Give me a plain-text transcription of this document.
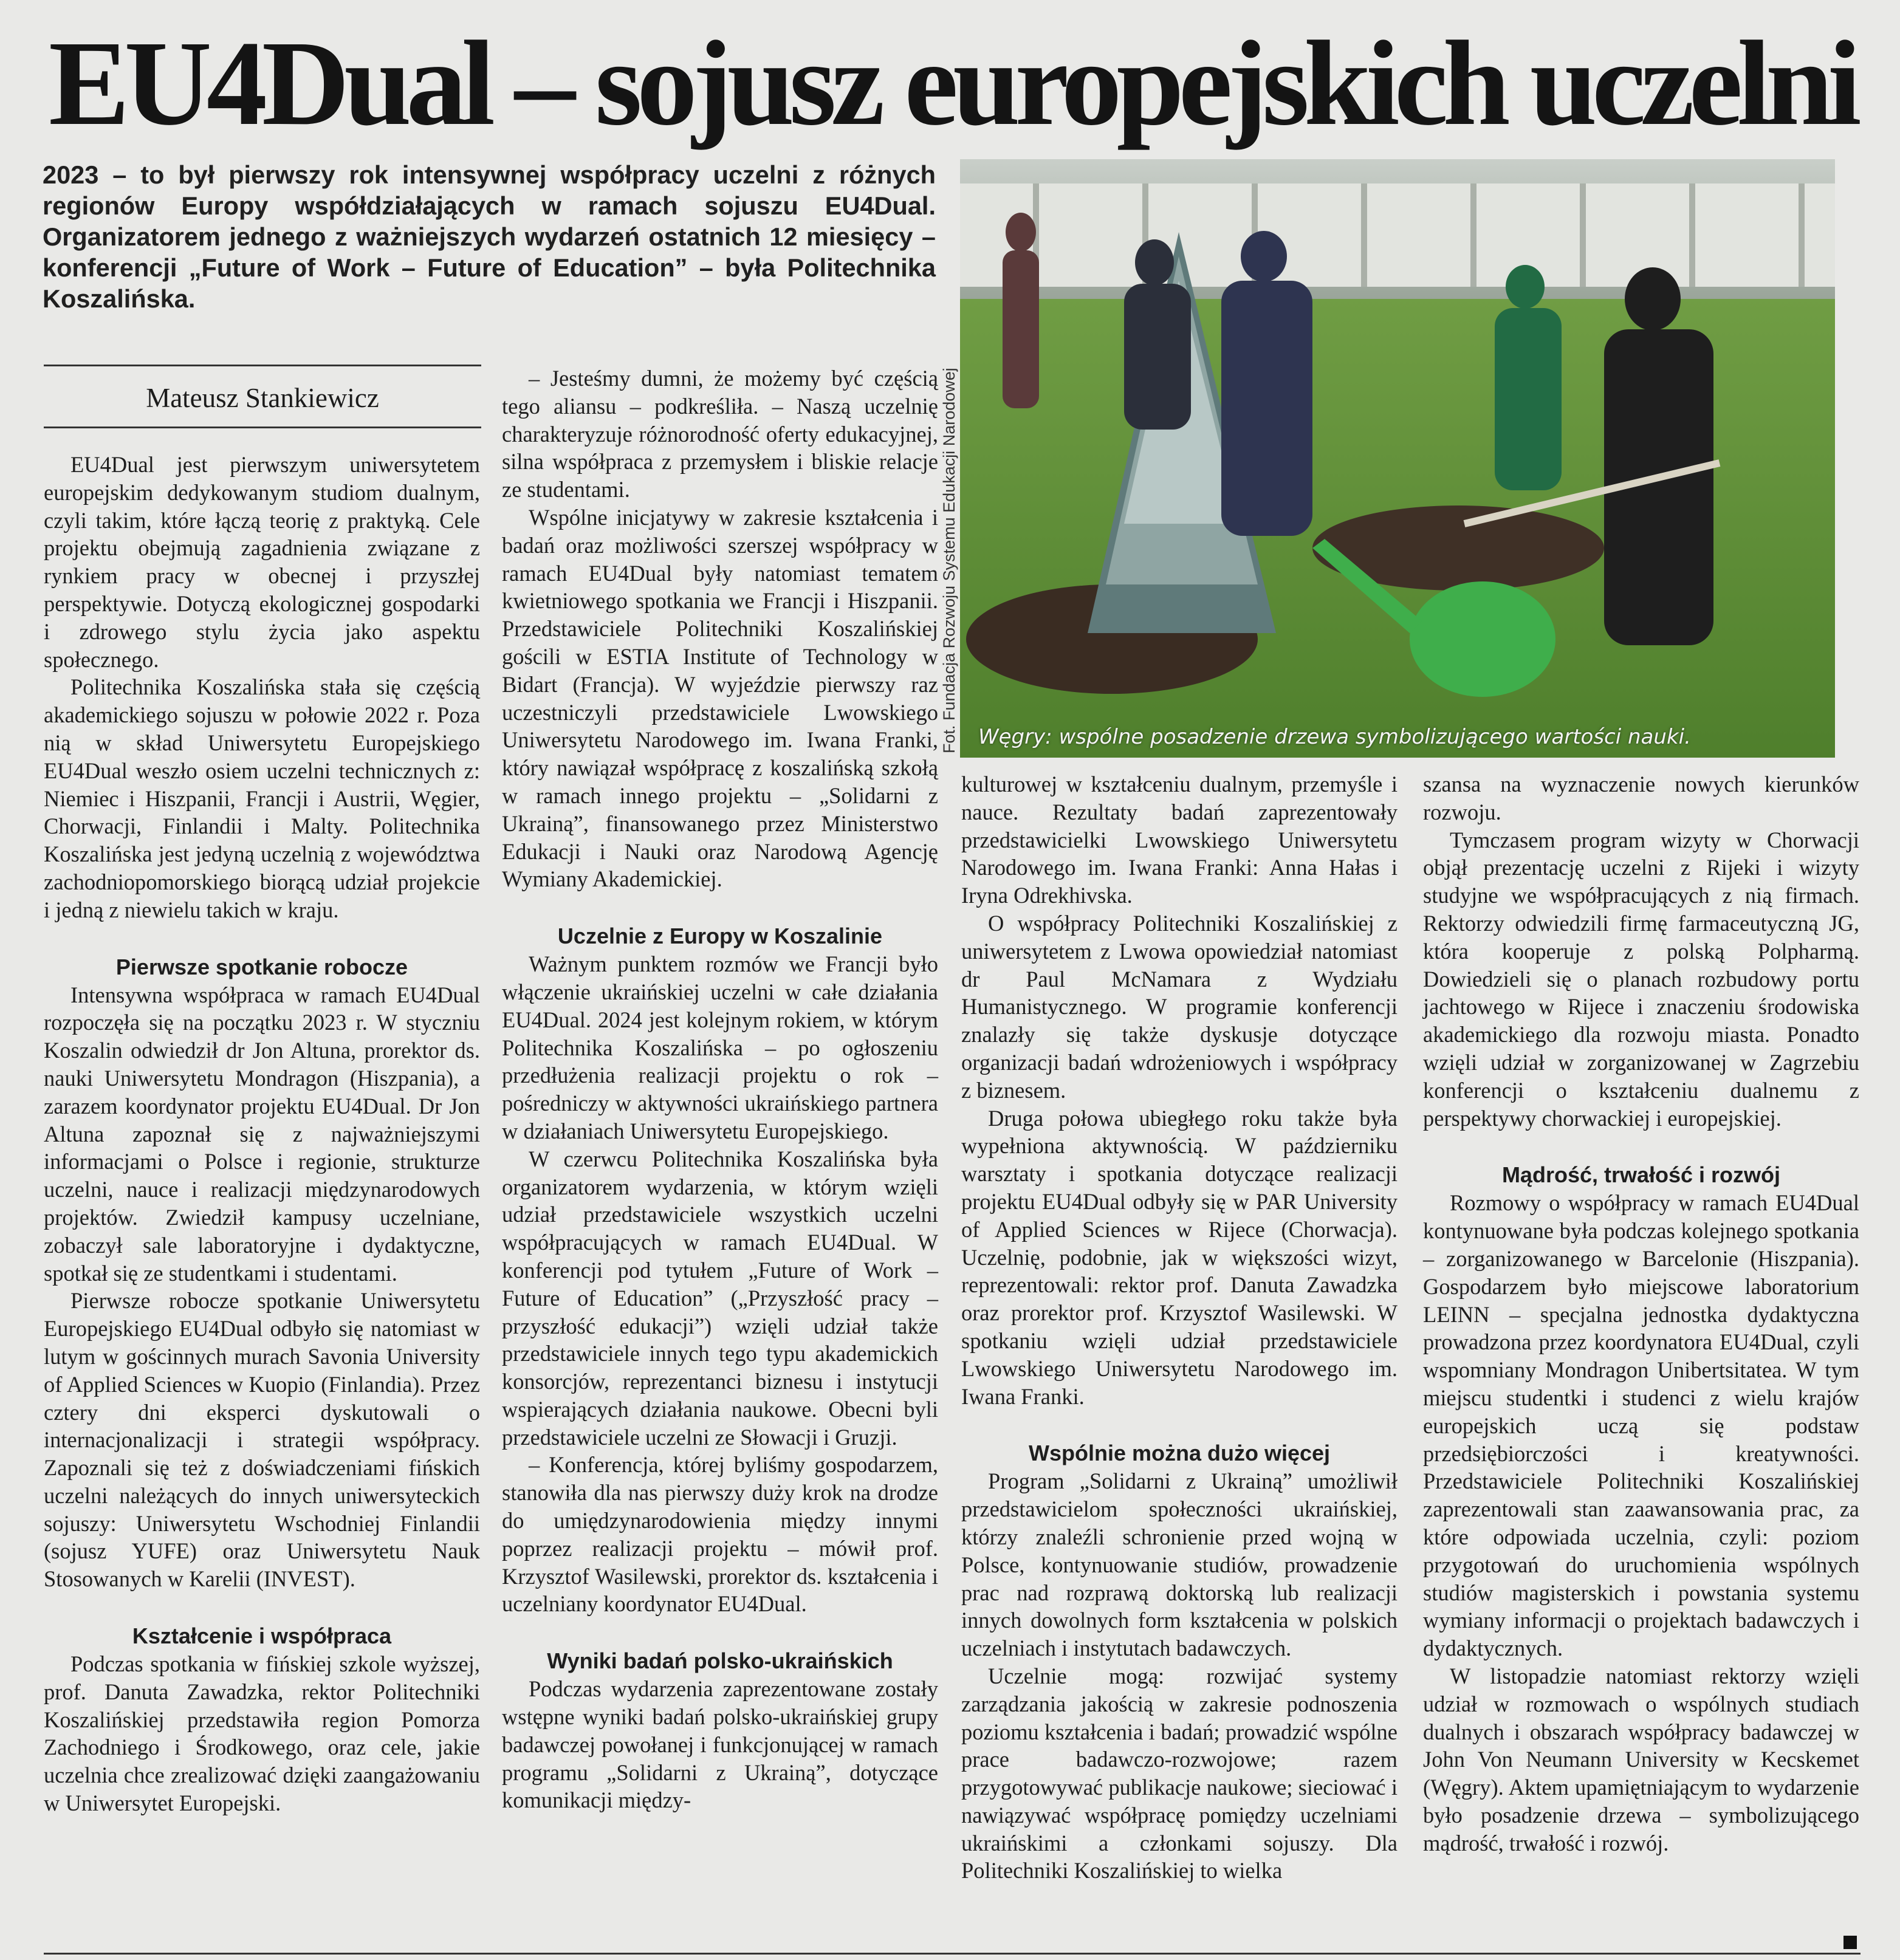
EU4Dual – sojusz europejskich uczelni
2023 – to był pierwszy rok intensywnej współpracy uczelni z różnych regionów Europy współdziałających w ramach sojuszu EU4Dual. Organizatorem jednego z ważniejszych wydarzeń ostatnich 12 miesięcy – konferencji „Future of Work – Future of Education” – była Politechnika Koszalińska.
Mateusz Stankiewicz

EU4Dual jest pierwszym uniwersytetem europejskim dedykowanym studiom dualnym, czyli takim, które łączą teorię z praktyką. Cele projektu obejmują zagadnienia związane z rynkiem pracy w obecnej i przyszłej perspektywie. Dotyczą ekologicznej gospodarki i zdrowego stylu życia jako aspektu społecznego.

Politechnika Koszalińska stała się częścią akademickiego sojuszu w połowie 2022 r. Poza nią w skład Uniwersytetu Europejskiego EU4Dual weszło osiem uczelni technicznych z: Niemiec i Hiszpanii, Francji i Austrii, Węgier, Chorwacji, Finlandii i Malty. Politechnika Koszalińska jest jedyną uczelnią z województwa zachodniopomorskiego biorącą udział projekcie i jedną z niewielu takich w kraju.

Pierwsze spotkanie robocze

Intensywna współpraca w ramach EU4Dual rozpoczęła się na początku 2023 r. W styczniu Koszalin odwiedził dr Jon Altuna, prorektor ds. nauki Uniwersytetu Mondragon (Hiszpania), a zarazem koordynator projektu EU4Dual. Dr Jon Altuna zapoznał się z najważniejszymi informacjami o Polsce i regionie, strukturze uczelni, nauce i realizacji międzynarodowych projektów. Zwiedził kampusy uczelniane, zobaczył sale laboratoryjne i dydaktyczne, spotkał się ze studentkami i studentami.

Pierwsze robocze spotkanie Uniwersytetu Europejskiego EU4Dual odbyło się natomiast w lutym w gościnnych murach Savonia University of Applied Sciences w Kuopio (Finlandia). Przez cztery dni eksperci dyskutowali o internacjonalizacji i strategii współpracy. Zapoznali się też z doświadczeniami fińskich uczelni należących do innych uniwersyteckich sojuszy: Uniwersytetu Wschodniej Finlandii (sojusz YUFE) oraz Uniwersytetu Nauk Stosowanych w Karelii (INVEST).

Kształcenie i współpraca

Podczas spotkania w fińskiej szkole wyższej, prof. Danuta Zawadzka, rektor Politechniki Koszalińskiej przedstawiła region Pomorza Zachodniego i Środkowego, oraz cele, jakie uczelnia chce zrealizować dzięki zaangażowaniu w Uniwersytet Europejski.

– Jesteśmy dumni, że możemy być częścią tego aliansu – podkreśliła. – Naszą uczelnię charakteryzuje różnorodność oferty edukacyjnej, silna współpraca z przemysłem i bliskie relacje ze studentami.

Wspólne inicjatywy w zakresie kształcenia i badań oraz możliwości szerszej współpracy w ramach EU4Dual były natomiast tematem kwietniowego spotkania we Francji i Hiszpanii. Przedstawiciele Politechniki Koszalińskiej gościli w ESTIA Institute of Technology w Bidart (Francja). W wyjeździe pierwszy raz uczestniczyli przedstawiciele Lwowskiego Uniwersytetu Narodowego im. Iwana Franki, który nawiązał współpracę z koszalińską szkołą w ramach innego projektu – „Solidarni z Ukrainą”, finansowanego przez Ministerstwo Edukacji i Nauki oraz Narodową Agencję Wymiany Akademickiej.

Uczelnie z Europy w Koszalinie

Ważnym punktem rozmów we Francji było włączenie ukraińskiej uczelni w całe działania EU4Dual. 2024 jest kolejnym rokiem, w którym Politechnika Koszalińska – po ogłoszeniu przedłużenia realizacji projektu o rok – pośredniczy w aktywności ukraińskiego partnera w działaniach Uniwersytetu Europejskiego.

W czerwcu Politechnika Koszalińska była organizatorem wydarzenia, w którym wzięli udział przedstawiciele wszystkich uczelni współpracujących w ramach EU4Dual. W konferencji pod tytułem „Future of Work – Future of Education” („Przyszłość pracy – przyszłość edukacji”) wzięli udział także przedstawiciele innych tego typu akademickich konsorcjów, reprezentanci biznesu i instytucji wspierających działania naukowe. Obecni byli przedstawiciele uczelni ze Słowacji i Gruzji.

– Konferencja, której byliśmy gospodarzem, stanowiła dla nas pierwszy duży krok na drodze do umiędzynarodowienia między innymi poprzez realizacji projektu – mówił prof. Krzysztof Wasilewski, prorektor ds. kształcenia i uczelniany koordynator EU4Dual.

Wyniki badań polsko-ukraińskich

Podczas wydarzenia zaprezentowane zostały wstępne wyniki badań polsko-ukraińskiej grupy badawczej powołanej i funkcjonującej w ramach programu „Solidarni z Ukrainą”, dotyczące komunikacji między-

Fot. Fundacja Rozwoju Systemu Edukacji Narodowej Węgry: wspólne posadzenie drzewa symbolizującego wartości nauki.

kulturowej w kształceniu dualnym, przemyśle i nauce. Rezultaty badań zaprezentowały przedstawicielki Lwowskiego Uniwersytetu Narodowego im. Iwana Franki: Anna Hałas i Iryna Odrekhivska.

O współpracy Politechniki Koszalińskiej z uniwersytetem z Lwowa opowiedział natomiast dr Paul McNamara z Wydziału Humanistycznego. W programie konferencji znalazły się także dyskusje dotyczące organizacji badań wdrożeniowych i współpracy z biznesem.

Druga połowa ubiegłego roku także była wypełniona aktywnością. W październiku warsztaty i spotkania dotyczące realizacji projektu EU4Dual odbyły się w PAR University of Applied Sciences w Rijece (Chorwacja). Uczelnię, podobnie, jak w większości wizyt, reprezentowali: rektor prof. Danuta Zawadzka oraz prorektor prof. Krzysztof Wasilewski. W spotkaniu wzięli udział przedstawiciele Lwowskiego Uniwersytetu Narodowego im. Iwana Franki.

Wspólnie można dużo więcej

Program „Solidarni z Ukrainą” umożliwił przedstawicielom społeczności ukraińskiej, którzy znaleźli schronienie przed wojną w Polsce, kontynuowanie studiów, prowadzenie prac nad rozprawą doktorską lub realizacji innych dowolnych form kształcenia w polskich uczelniach i instytutach badawczych.

Uczelnie mogą: rozwijać systemy zarządzania jakością w zakresie podnoszenia poziomu kształcenia i badań; prowadzić wspólne prace badawczo-rozwojowe; razem przygotowywać publikacje naukowe; sieciować i nawiązywać współpracę pomiędzy uczelniami ukraińskimi a członkami sojuszy. Dla Politechniki Koszalińskiej to wielka

szansa na wyznaczenie nowych kierunków rozwoju.

Tymczasem program wizyty w Chorwacji objął prezentację uczelni z Rijeki i wizyty studyjne we współpracujących z nią firmach. Rektorzy odwiedzili firmę farmaceutyczną JG, która kooperuje z polską Polpharmą. Dowiedzieli się o planach rozbudowy portu jachtowego w Rijece i znaczeniu środowiska akademickiego dla rozwoju miasta. Ponadto wzięli udział w zorganizowanej w Zagrzebiu konferencji o kształceniu dualnemu z perspektywy chorwackiej i europejskiej.

Mądrość, trwałość i rozwój

Rozmowy o współpracy w ramach EU4Dual kontynuowane była podczas kolejnego spotkania – zorganizowanego w Barcelonie (Hiszpania). Gospodarzem było miejscowe laboratorium LEINN – specjalna jednostka dydaktyczna prowadzona przez koordynatora EU4Dual, czyli wspomniany Mondragon Unibertsitatea. W tym miejscu studentki i studenci z wielu krajów europejskich uczą się podstaw przedsiębiorczości i kreatywności. Przedstawiciele Politechniki Koszalińskiej zaprezentowali stan zaawansowania prac, za które odpowiada uczelnia, czyli: poziom przygotowań do uruchomienia wspólnych studiów magisterskich i powstania systemu wymiany informacji o projektach badawczych i dydaktycznych.

W listopadzie natomiast rektorzy wzięli udział w rozmowach o wspólnych studiach dualnych i obszarach współpracy badawczej w John Von Neumann University w Kecskemet (Węgry). Aktem upamiętniającym to wydarzenie było posadzenie drzewa – symbolizującego mądrość, trwałość i rozwój.
